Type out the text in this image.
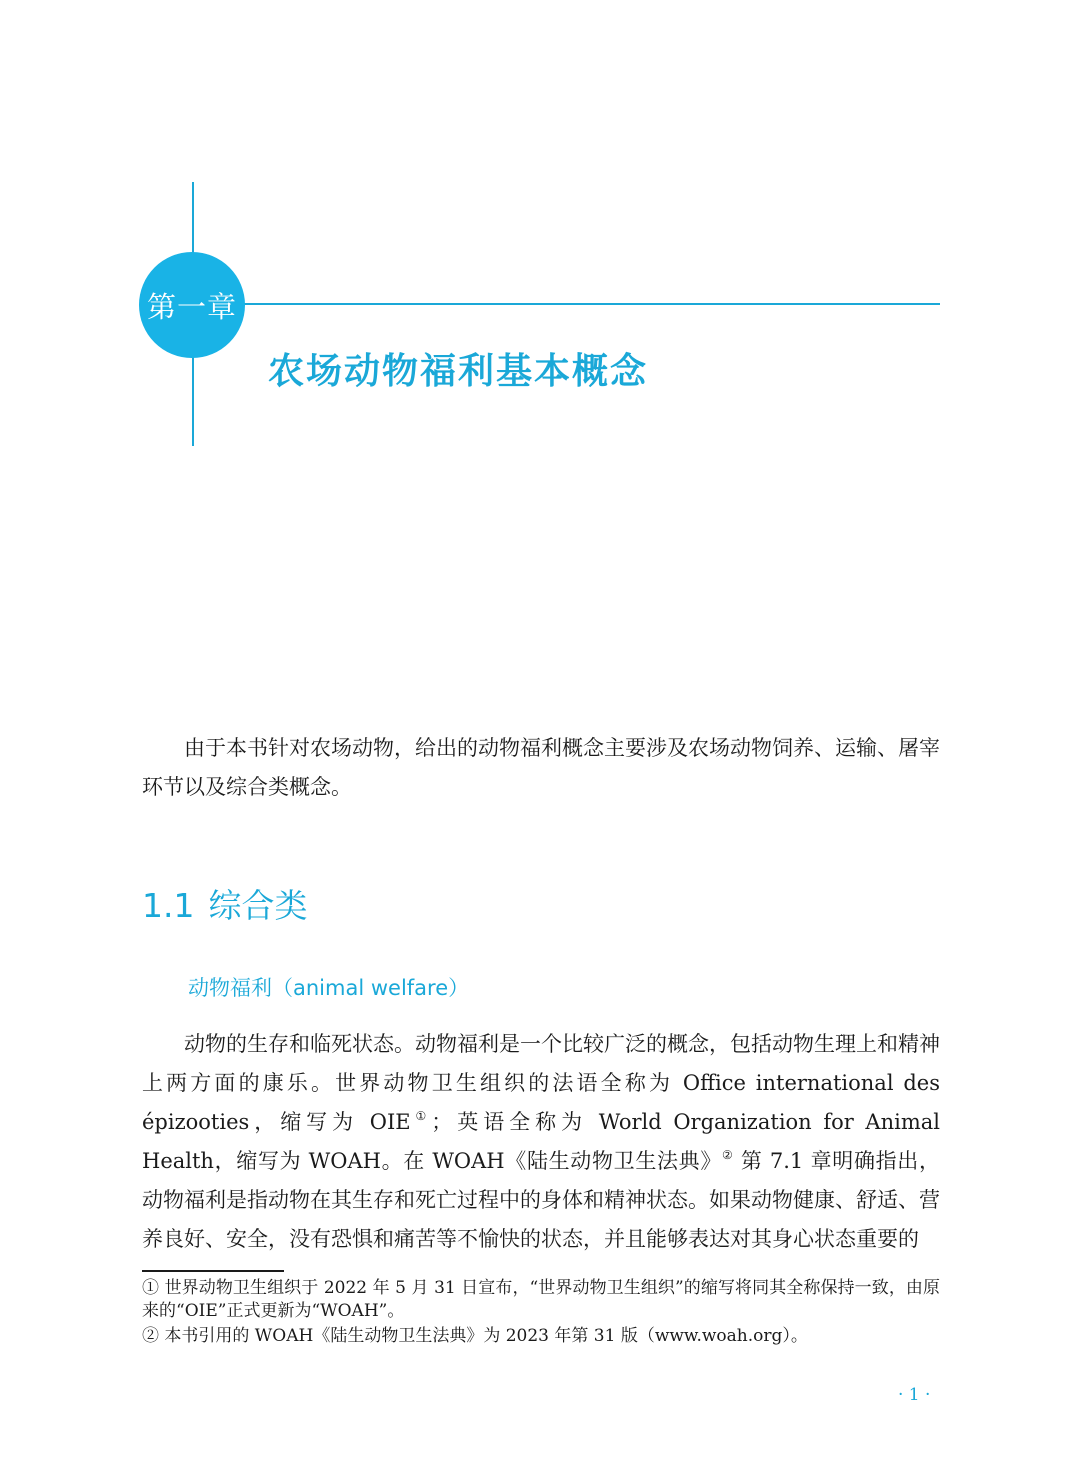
第一章
农场动物福利基本概念

由于本书针对农场动物，给出的动物福利概念主要涉及农场动物饲养、运输、屠宰环节以及综合类概念。

1.1 综合类
动物福利（animal welfare）

动物的生存和临死状态。动物福利是一个比较广泛的概念，包括动物生理上和精神上两方面的康乐。世界动物卫生组织的法语全称为 Office international des épizooties，缩写为 OIE①；英语全称为 World Organization for Animal Health，缩写为 WOAH。在 WOAH《陆生动物卫生法典》② 第 7.1 章明确指出，动物福利是指动物在其生存和死亡过程中的身体和精神状态。如果动物健康、舒适、营养良好、安全，没有恐惧和痛苦等不愉快的状态，并且能够表达对其身心状态重要的

① 世界动物卫生组织于 2022 年 5 月 31 日宣布，“世界动物卫生组织”的缩写将同其全称保持一致，由原来的“OIE”正式更新为“WOAH”。

② 本书引用的 WOAH《陆生动物卫生法典》为 2023 年第 31 版（www.woah.org）。

· 1 ·
